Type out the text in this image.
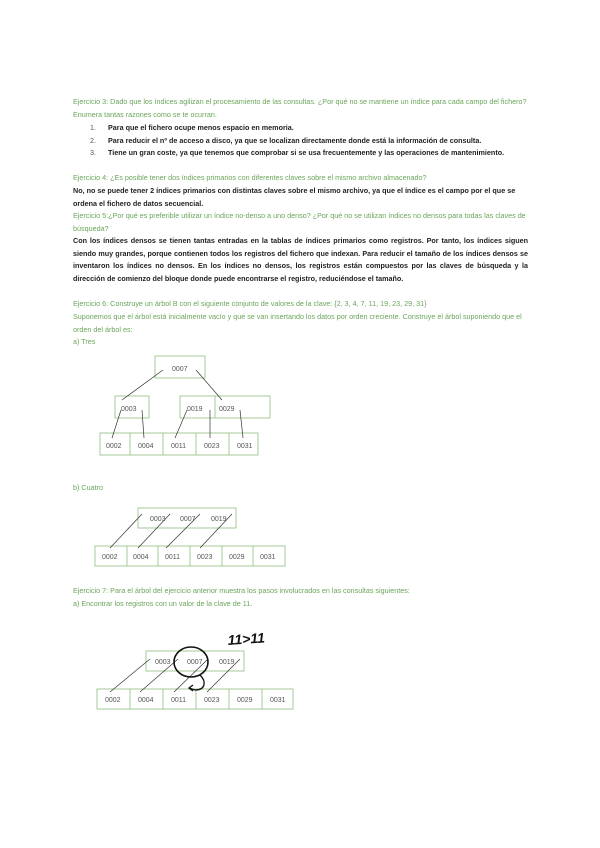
Ejercicio 3: Dado que los índices agilizan el procesamiento de las consultas. ¿Por qué no se mantiene un índice para cada campo del fichero? Enumera tantas razones como se te ocurran.

1. Para que el fichero ocupe menos espacio en memoria.
2. Para reducir el nº de acceso a disco, ya que se localizan directamente donde está la información de consulta.
3. Tiene un gran coste, ya que tenemos que comprobar si se usa frecuentemente y las operaciones de mantenimiento.

Ejercicio 4: ¿Es posible tener dos índices primarios con diferentes claves sobre el mismo archivo almacenado?

No, no se puede tener 2 índices primarios con distintas claves sobre el mismo archivo, ya que el índice es el campo por el que se ordena el fichero de datos secuencial.

Ejercicio 5:¿Por qué es preferible utilizar un índice no-denso a uno denso? ¿Por qué no se utilizan índices no densos para todas las claves de búsqueda?

Con los índices densos se tienen tantas entradas en la tablas de índices primarios como registros. Por tanto, los índices siguen siendo muy grandes, porque contienen todos los registros del fichero que indexan. Para reducir el tamaño de los índices densos se inventaron los índices no densos. En los índices no densos, los registros están compuestos por las claves de búsqueda y la dirección de comienzo del bloque donde puede encontrarse el registro, reduciéndose el tamaño.

Ejercicio 6: Construye un árbol B con el siguiente conjunto de valores de la clave: {2, 3, 4, 7, 11, 19, 23, 29, 31}

Suponemos que el árbol está inicialmente vacío y que se van insertando los datos por orden creciente. Construye el árbol suponiendo que el orden del árbol es:

a) Tres

0007
0003	0019 0029
0002 0004 0011	0023 0031

b) Cuatro

0003 0007 0019
0002 0004 0011 0023 0029 0031

Ejercicio 7: Para el árbol del ejercicio anterior muestra los pasos involucrados en las consultas siguientes:

a) Encontrar los registros con un valor de la clave de 11.

0003 0007 0019
0002 0004 0011	0023 0029 0031
11>11
